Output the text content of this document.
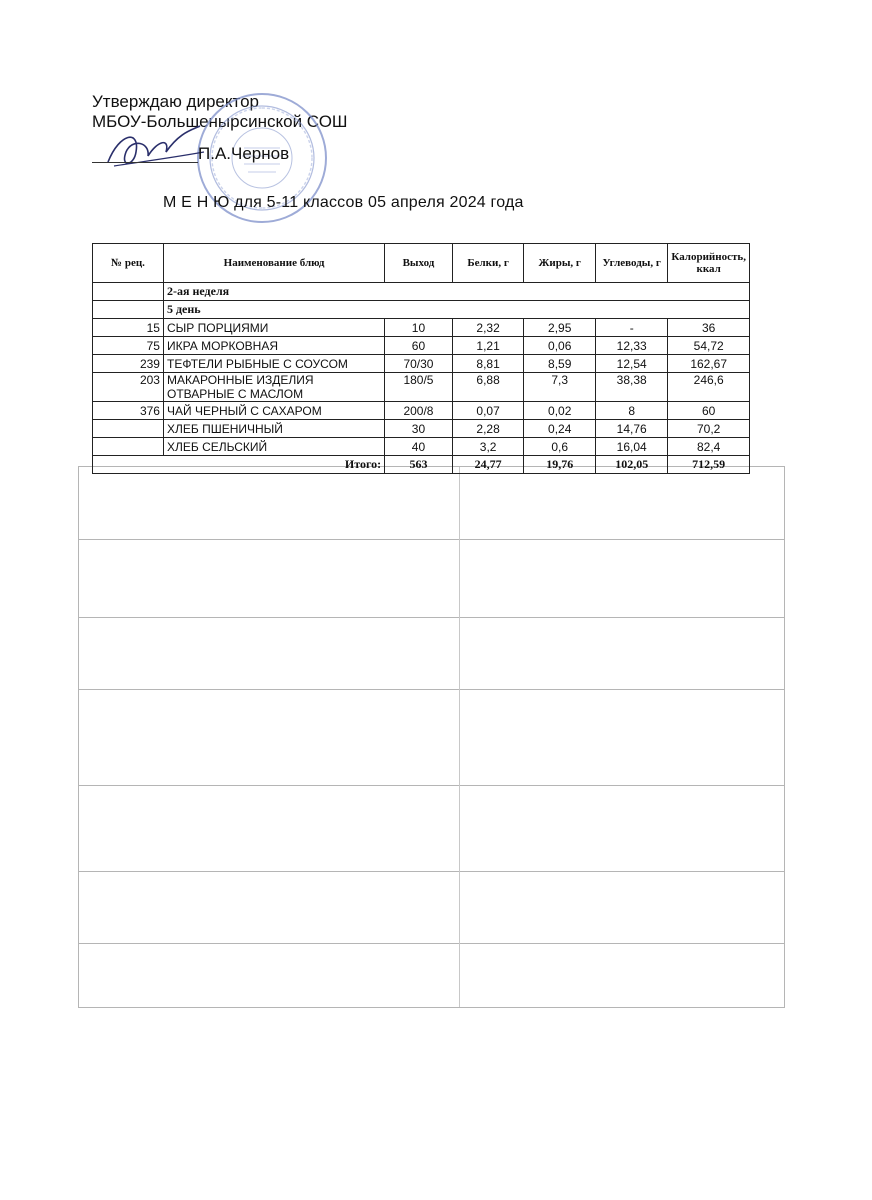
Утверждаю директор
МБОУ-Большенырсинской СОШ
П.А.Чернов
М Е Н Ю для 5-11 классов 05 апреля 2024 года
№ рец.	Наименование блюд	Выход	Белки, г	Жиры, г	Углеводы, г	Калорийность, ккал
	2-ая неделя					
	5 день					
15	СЫР ПОРЦИЯМИ	10	2,32	2,95	-	36
75	ИКРА МОРКОВНАЯ	60	1,21	0,06	12,33	54,72
239	ТЕФТЕЛИ РЫБНЫЕ С СОУСОМ	70/30	8,81	8,59	12,54	162,67
203	МАКАРОННЫЕ ИЗДЕЛИЯ ОТВАРНЫЕ С МАСЛОМ	180/5	6,88	7,3	38,38	246,6
376	ЧАЙ ЧЕРНЫЙ С САХАРОМ	200/8	0,07	0,02	8	60
	ХЛЕБ ПШЕНИЧНЫЙ	30	2,28	0,24	14,76	70,2
	ХЛЕБ СЕЛЬСКИЙ	40	3,2	0,6	16,04	82,4
Итого:		563	24,77	19,76	102,05	712,59
